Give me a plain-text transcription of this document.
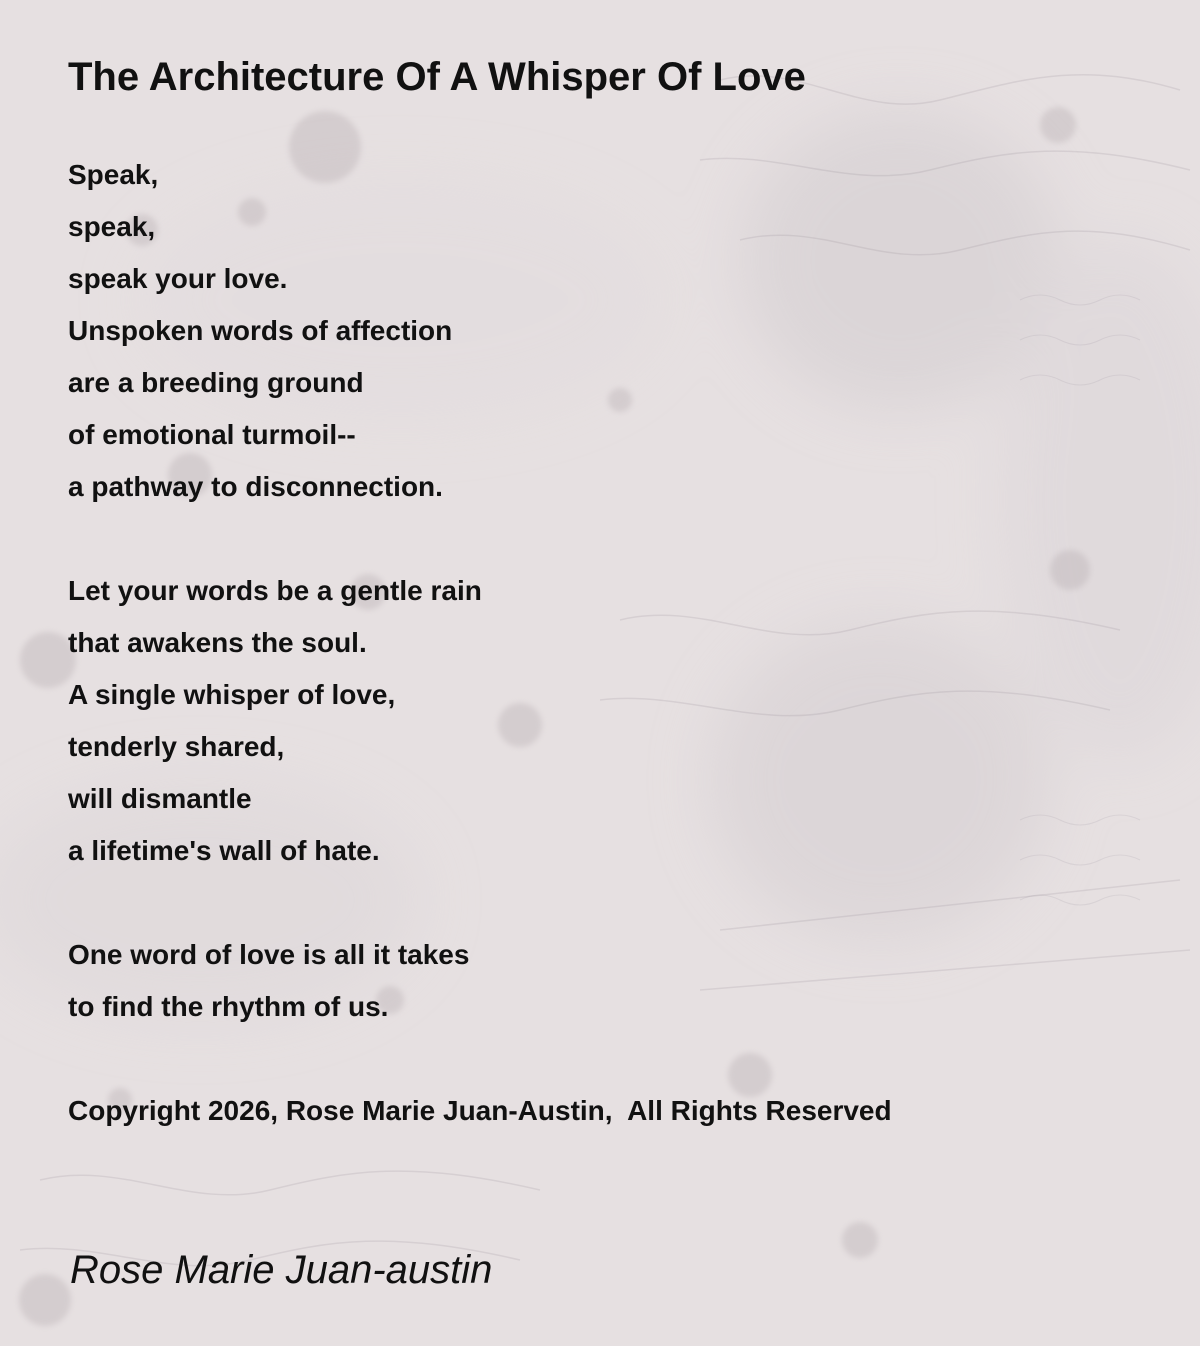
The Architecture Of A Whisper Of Love
Speak,
speak,
speak your love.
Unspoken words of affection
are a breeding ground
of emotional turmoil--
a pathway to disconnection.
Let your words be a gentle rain
that awakens the soul.
A single whisper of love,
tenderly shared,
will dismantle
a lifetime's wall of hate.
One word of love is all it takes
to find the rhythm of us.

Copyright 2026, Rose Marie Juan-Austin,  All Rights Reserved

Rose Marie Juan-austin
